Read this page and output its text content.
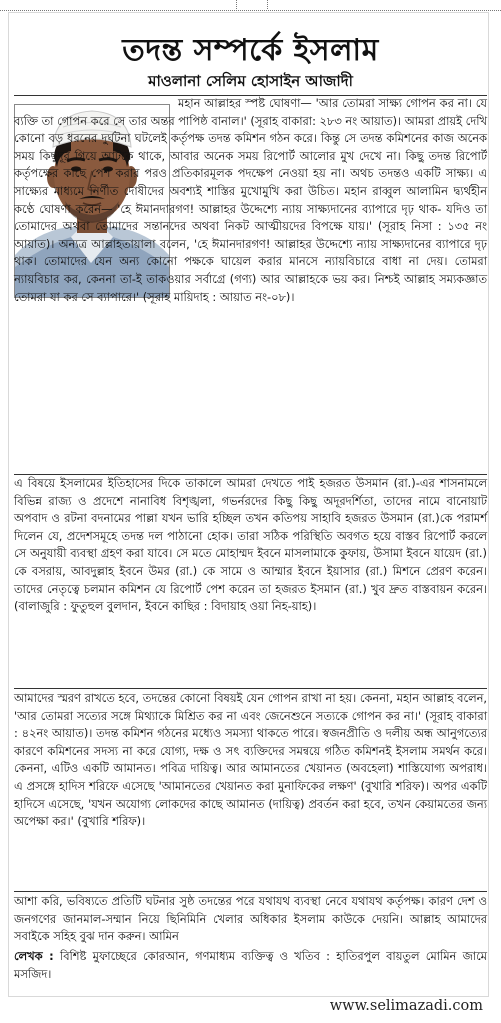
তদন্ত সম্পর্কে ইসলাম
মাওলানা সেলিম হোসাইন আজাদী

মহান আল্লাহর স্পষ্ট ঘোষণা— 'আর তোমরা সাক্ষ্য গোপন কর না। যে ব্যক্তি তা গোপন করে সে তার অন্তর পাপিষ্ঠ বানাল।' (সূরাহ বাকারা: ২৮৩ নং আয়াত)। আমরা প্রায়ই দেখি কোনো বড় ধরনের দুর্ঘটনা ঘটলেই কর্তৃপক্ষ তদন্ত কমিশন গঠন করে। কিন্তু সে তদন্ত কমিশনের কাজ অনেক সময় কিছুদূর গিয়ে আটকে থাকে, আবার অনেক সময় রিপোর্ট আলোর মুখ দেখে না। কিছু তদন্ত রিপোর্ট কর্তৃপক্ষের কাছে পেশ করার পরও প্রতিকারমূলক পদক্ষেপ নেওয়া হয় না। অথচ তদন্তও একটি সাক্ষ্য। এ সাক্ষ্যের মাধ্যমে নির্ণীত দোষীদের অবশ্যই শাস্তির মুখোমুখি করা উচিত। মহান রাব্বুল আলামিন দ্ব্যর্থহীন কণ্ঠে ঘোষণা করেন— 'হে ঈমানদারগণ! আল্লাহর উদ্দেশ্যে ন্যায় সাক্ষ্যদানের ব্যাপারে দৃঢ় থাক- যদিও তা তোমাদের অথবা তোমাদের সন্তানদের অথবা নিকট আত্মীয়দের বিপক্ষে যায়।' (সূরাহ নিসা : ১৩৫ নং আয়াত)। অন্যত্র আল্লাহতায়ালা বলেন, 'হে ঈমানদারগণ! আল্লাহর উদ্দেশ্যে ন্যায় সাক্ষ্যদানের ব্যাপারে দৃঢ় থাক। তোমাদের যেন অন্য কোনো পক্ষকে ঘায়েল করার মানসে ন্যায়বিচারে বাধা না দেয়। তোমরা ন্যায়বিচার কর, কেননা তা-ই তাকওয়ার সর্বাগ্রে (গণ্য) আর আল্লাহকে ভয় কর। নিশ্চই আল্লাহ সম্যকজ্ঞাত তোমরা যা কর সে ব্যাপারে।' (সূরাহ মায়িদাহ : আয়াত নং-০৮)।

এ বিষয়ে ইসলামের ইতিহাসের দিকে তাকালে আমরা দেখতে পাই হজরত উসমান (রা.)-এর শাসনামলে বিভিন্ন রাজ্য ও প্রদেশে নানাবিধ বিশৃঙ্খলা, গভর্নরদের কিছু কিছু অদূরদর্শিতা, তাদের নামে বানোয়াট অপবাদ ও রটনা বদনামের পাল্লা যখন ভারি হচ্ছিল তখন কতিপয় সাহাবি হজরত উসমান (রা.)কে পরামর্শ দিলেন যে, প্রদেশসমূহে তদন্ত দল পাঠানো হোক। তারা সঠিক পরিস্থিতি অবগত হয়ে বাস্তব রিপোর্ট করলে সে অনুযায়ী ব্যবস্থা গ্রহণ করা যাবে। সে মতে মোহাম্মদ ইবনে মাসলামাকে কুফায়, উসামা ইবনে যায়েদ (রা.) কে বসরায়, আবদুল্লাহ ইবনে উমর (রা.) কে সামে ও আম্মার ইবনে ইয়াসার (রা.) মিশনে প্রেরণ করেন। তাদের নেতৃত্বে চলমান কমিশন যে রিপোর্ট পেশ করেন তা হজরত ইসমান (রা.) খুব দ্রুত বাস্তবায়ন করেন। (বালাজুরি : ফুতুহুল বুলদান, ইবনে কাছির : বিদায়াহ ওয়া নিহ-য়াহ)।

আমাদের স্মরণ রাখতে হবে, তদন্তের কোনো বিষয়ই যেন গোপন রাখা না হয়। কেননা, মহান আল্লাহ বলেন, 'আর তোমরা সত্যের সঙ্গে মিথ্যাকে মিশ্রিত কর না এবং জেনেশুনে সত্যকে গোপন কর না।' (সূরাহ বাকারা : ৪২নং আয়াত)। তদন্ত কমিশন গঠনের মধ্যেও সমস্যা থাকতে পারে। স্বজনপ্রীতি ও দলীয় অন্ধ আনুগত্যের কারণে কমিশনের সদস্য না করে যোগ্য, দক্ষ ও সৎ ব্যক্তিদের সমন্বয়ে গঠিত কমিশনই ইসলাম সমর্থন করে। কেননা, এটিও একটি আমানত। পবিত্র দায়িত্ব। আর আমানতের খেয়ানত (অবহেলা) শাস্তিযোগ্য অপরাধ। এ প্রসঙ্গে হাদিস শরিফে এসেছে 'আমানতের খেয়ানত করা মুনাফিকের লক্ষণ' (বুখারি শরিফ)। অপর একটি হাদিসে এসেছে, 'যখন অযোগ্য লোকদের কাছে আমানত (দায়িত্ব) প্রবর্তন করা হবে, তখন কেয়ামতের জন্য অপেক্ষা কর।' (বুখারি শরিফ)।

আশা করি, ভবিষ্যতে প্রতিটি ঘটনার সুষ্ঠ তদন্তের পরে যথাযথ ব্যবস্থা নেবে যথাযথ কর্তৃপক্ষ। কারণ দেশ ও জনগণের জানমাল-সম্মান নিয়ে ছিনিমিনি খেলার অধিকার ইসলাম কাউকে দেয়নি। আল্লাহ আমাদের সবাইকে সহিহ বুঝ দান করুন। আমিন

লেখক : বিশিষ্ট মুফাচ্ছেরে কোরআন, গণমাধ্যম ব্যক্তিত্ব ও খতিব : হাতিরপুল বায়তুল মোমিন জামে মসজিদ।

www.selimazadi.com
